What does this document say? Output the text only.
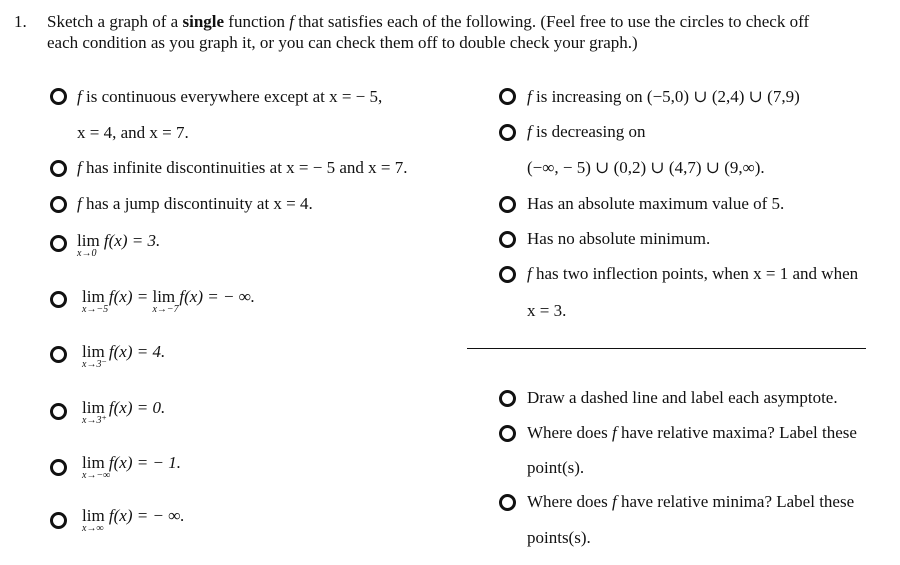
1. Sketch a graph of a single function f that satisfies each of the following. (Feel free to use the circles to check off
each condition as you graph it, or you can check them off to double check your graph.)
f is continuous everywhere except at x = − 5,
x = 4, and x = 7.
f has infinite discontinuities at x = − 5 and x = 7.
f has a jump discontinuity at x = 4.
lim
x→0
f(x) = 3.
lim
x→−5
f(x) = lim
x→−7
f(x) = − ∞.
lim
x→3⁻
f(x) = 4.
lim
x→3⁺
f(x) = 0.
lim
x→−∞
f(x) = − 1.
lim
x→∞
f(x) = − ∞.
f is increasing on (−5,0) ∪ (2,4) ∪ (7,9)
f is decreasing on
(−∞, − 5) ∪ (0,2) ∪ (4,7) ∪ (9,∞).
Has an absolute maximum value of 5.
Has no absolute minimum.
f has two inflection points, when x = 1 and when
x = 3.
Draw a dashed line and label each asymptote.
Where does f have relative maxima? Label these
point(s).
Where does f have relative minima? Label these
points(s).
